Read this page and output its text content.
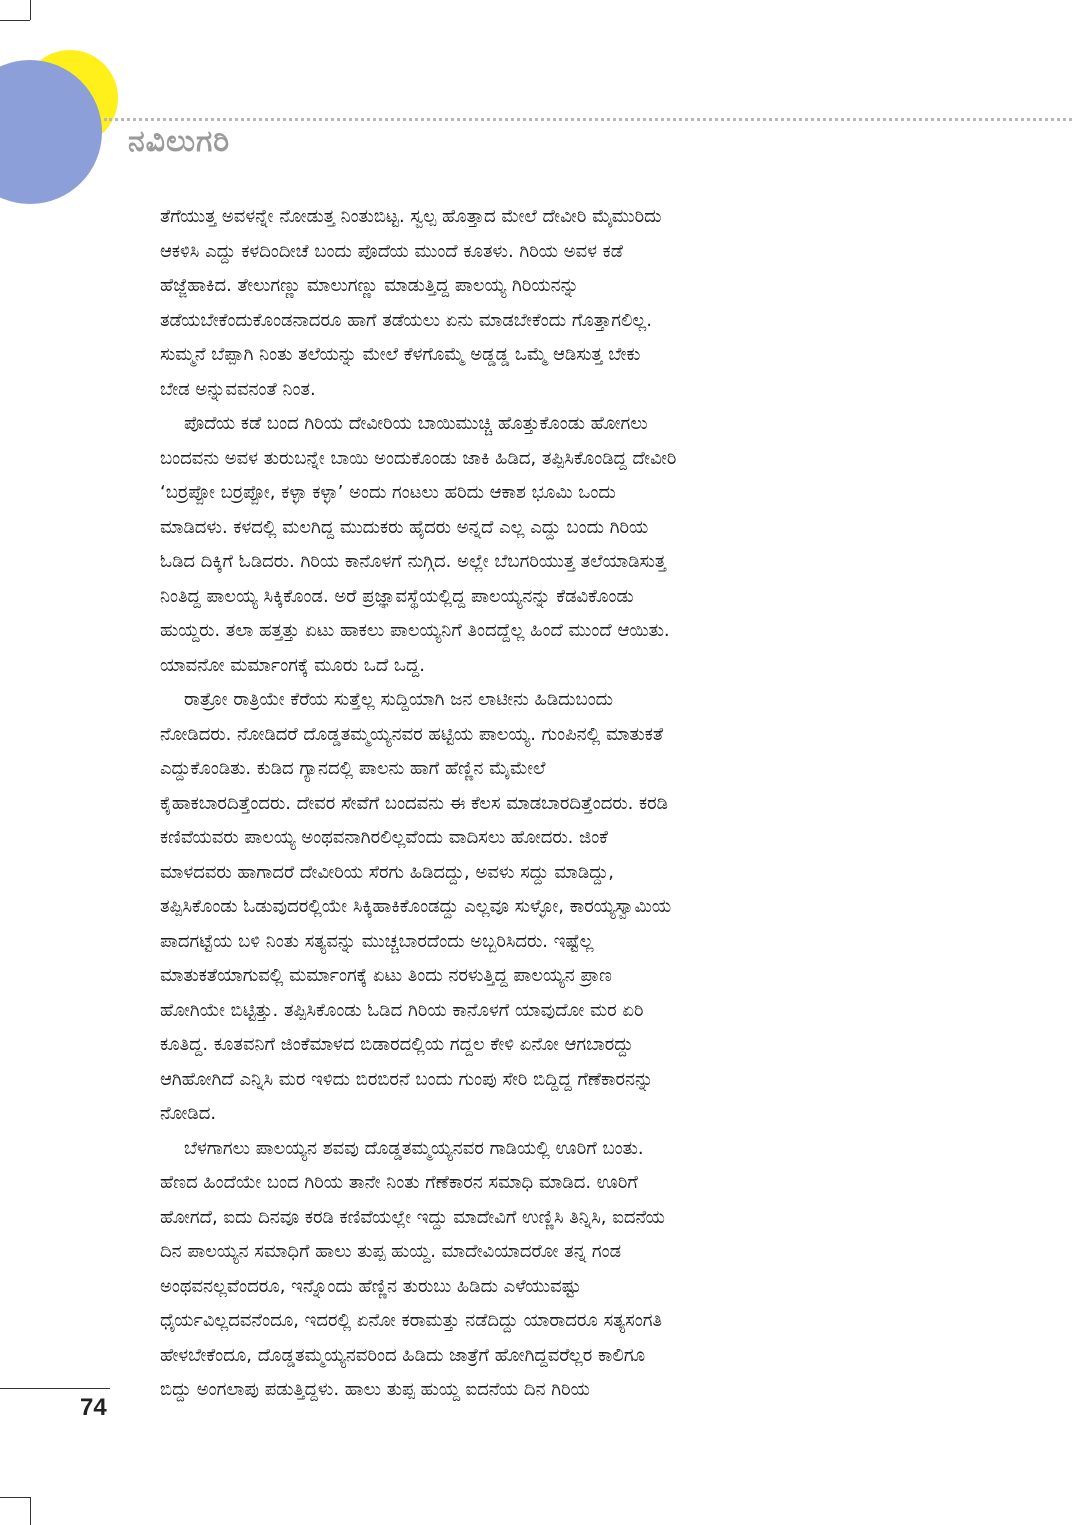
ನವಿಲುಗರಿ
ತೆಗೆಯುತ್ತ ಅವಳನ್ನೇ ನೋಡುತ್ತ ನಿಂತುಬಿಟ್ಟ. ಸ್ವಲ್ಪ ಹೊತ್ತಾದ ಮೇಲೆ ದೇವೀರಿ ಮೈಮುರಿದು
ಆಕಳಿಸಿ ಎದ್ದು ಕಳದಿಂದೀಚೆ ಬಂದು ಪೊದೆಯ ಮುಂದೆ ಕೂತಳು. ಗಿರಿಯ ಅವಳ ಕಡೆ
ಹೆಜ್ಜೆಹಾಕಿದ. ತೇಲುಗಣ್ಣು ಮಾಲುಗಣ್ಣು ಮಾಡುತ್ತಿದ್ದ ಪಾಲಯ್ಯ ಗಿರಿಯನನ್ನು
ತಡೆಯಬೇಕೆಂದುಕೊಂಡನಾದರೂ ಹಾಗೆ ತಡೆಯಲು ಏನು ಮಾಡಬೇಕೆಂದು ಗೊತ್ತಾಗಲಿಲ್ಲ.
ಸುಮ್ಮನೆ ಬೆಪ್ಪಾಗಿ ನಿಂತು ತಲೆಯನ್ನು ಮೇಲೆ ಕೆಳಗೊಮ್ಮೆ ಅಡ್ಡಡ್ಡ ಒಮ್ಮೆ ಆಡಿಸುತ್ತ ಬೇಕು
ಬೇಡ ಅನ್ನುವವನಂತೆ ನಿಂತ.
ಪೊದೆಯ ಕಡೆ ಬಂದ ಗಿರಿಯ ದೇವೀರಿಯ ಬಾಯಿಮುಚ್ಚಿ ಹೊತ್ತುಕೊಂಡು ಹೋಗಲು
ಬಂದವನು ಅವಳ ತುರುಬನ್ನೇ ಬಾಯಿ ಅಂದುಕೊಂಡು ಜಾಕಿ ಹಿಡಿದ, ತಪ್ಪಿಸಿಕೊಂಡಿದ್ದ ದೇವೀರಿ
‘ಬರ‍್ರಪ್ಪೋ ಬರ‍್ರಪ್ಪೋ, ಕಳ್ಳಾ ಕಳ್ಳಾ’ ಅಂದು ಗಂಟಲು ಹರಿದು ಆಕಾಶ ಭೂಮಿ ಒಂದು
ಮಾಡಿದಳು. ಕಳದಲ್ಲಿ ಮಲಗಿದ್ದ ಮುದುಕರು ಹೈದರು ಅನ್ನದೆ ಎಲ್ಲ ಎದ್ದು ಬಂದು ಗಿರಿಯ
ಓಡಿದ ದಿಕ್ಕಿಗೆ ಓಡಿದರು. ಗಿರಿಯ ಕಾನೊಳಗೆ ನುಗ್ಗಿದ. ಅಲ್ಲೇ ಬೆಬಗರಿಯುತ್ತ ತಲೆಯಾಡಿಸುತ್ತ
ನಿಂತಿದ್ದ ಪಾಲಯ್ಯ ಸಿಕ್ಕಿಕೊಂಡ. ಅರೆ ಪ್ರಜ್ಞಾವಸ್ಥೆಯಲ್ಲಿದ್ದ ಪಾಲಯ್ಯನನ್ನು ಕೆಡವಿಕೊಂಡು
ಹುಯ್ದರು. ತಲಾ ಹತ್ತತ್ತು ಏಟು ಹಾಕಲು ಪಾಲಯ್ಯನಿಗೆ ತಿಂದದ್ದೆಲ್ಲ ಹಿಂದೆ ಮುಂದೆ ಆಯಿತು.
ಯಾವನೋ ಮರ್ಮಾಂಗಕ್ಕೆ ಮೂರು ಒದೆ ಒದ್ದ.
ರಾತ್ರೋ ರಾತ್ರಿಯೇ ಕೆರೆಯ ಸುತ್ತೆಲ್ಲ ಸುದ್ದಿಯಾಗಿ ಜನ ಲಾಟೀನು ಹಿಡಿದುಬಂದು
ನೋಡಿದರು. ನೋಡಿದರೆ ದೊಡ್ಡತಮ್ಮಯ್ಯನವರ ಹಟ್ಟಿಯ ಪಾಲಯ್ಯ. ಗುಂಪಿನಲ್ಲಿ ಮಾತುಕತೆ
ಎದ್ದುಕೊಂಡಿತು. ಕುಡಿದ ಗ್ಯಾನದಲ್ಲಿ ಪಾಲನು ಹಾಗೆ ಹೆಣ್ಣಿನ ಮೈಮೇಲೆ
ಕೈಹಾಕಬಾರದಿತ್ತೆಂದರು. ದೇವರ ಸೇವೆಗೆ ಬಂದವನು ಈ ಕೆಲಸ ಮಾಡಬಾರದಿತ್ತೆಂದರು. ಕರಡಿ
ಕಣಿವೆಯವರು ಪಾಲಯ್ಯ ಅಂಥವನಾಗಿರಲಿಲ್ಲವೆಂದು ವಾದಿಸಲು ಹೋದರು. ಜಿಂಕೆ
ಮಾಳದವರು ಹಾಗಾದರೆ ದೇವೀರಿಯ ಸೆರಗು ಹಿಡಿದದ್ದು, ಅವಳು ಸದ್ದು ಮಾಡಿದ್ದು,
ತಪ್ಪಿಸಿಕೊಂಡು ಓಡುವುದರಲ್ಲಿಯೇ ಸಿಕ್ಕಿಹಾಕಿಕೊಂಡದ್ದು ಎಲ್ಲವೂ ಸುಳ್ಳೋ, ಕಾರಯ್ಯಸ್ವಾಮಿಯ
ಪಾದಗಟ್ಟೆಯ ಬಳಿ ನಿಂತು ಸತ್ಯವನ್ನು ಮುಚ್ಚಬಾರದೆಂದು ಅಬ್ಬರಿಸಿದರು. ಇಷ್ಟೆಲ್ಲ
ಮಾತುಕತೆಯಾಗುವಲ್ಲಿ ಮರ್ಮಾಂಗಕ್ಕೆ ಏಟು ತಿಂದು ನರಳುತ್ತಿದ್ದ ಪಾಲಯ್ಯನ ಪ್ರಾಣ
ಹೋಗಿಯೇ ಬಿಟ್ಟಿತ್ತು. ತಪ್ಪಿಸಿಕೊಂಡು ಓಡಿದ ಗಿರಿಯ ಕಾನೊಳಗೆ ಯಾವುದೋ ಮರ ಏರಿ
ಕೂತಿದ್ದ. ಕೂತವನಿಗೆ ಜಿಂಕೆಮಾಳದ ಬಿಡಾರದಲ್ಲಿಯ ಗದ್ದಲ ಕೇಳಿ ಏನೋ ಆಗಬಾರದ್ದು
ಆಗಿಹೋಗಿದೆ ಎನ್ನಿಸಿ ಮರ ಇಳಿದು ಬಿರಬಿರನೆ ಬಂದು ಗುಂಪು ಸೇರಿ ಬಿದ್ದಿದ್ದ ಗೆಣೆಕಾರನನ್ನು
ನೋಡಿದ.
ಬೆಳಗಾಗಲು ಪಾಲಯ್ಯನ ಶವವು ದೊಡ್ಡತಮ್ಮಯ್ಯನವರ ಗಾಡಿಯಲ್ಲಿ ಊರಿಗೆ ಬಂತು.
ಹೆಣದ ಹಿಂದೆಯೇ ಬಂದ ಗಿರಿಯ ತಾನೇ ನಿಂತು ಗೆಣೆಕಾರನ ಸಮಾಧಿ ಮಾಡಿದ. ಊರಿಗೆ
ಹೋಗದೆ, ಐದು ದಿನವೂ ಕರಡಿ ಕಣಿವೆಯಲ್ಲೇ ಇದ್ದು ಮಾದೇವಿಗೆ ಉಣ್ಣಿಸಿ ತಿನ್ನಿಸಿ, ಐದನೆಯ
ದಿನ ಪಾಲಯ್ಯನ ಸಮಾಧಿಗೆ ಹಾಲು ತುಪ್ಪ ಹುಯ್ದ. ಮಾದೇವಿಯಾದರೋ ತನ್ನ ಗಂಡ
ಅಂಥವನಲ್ಲವೆಂದರೂ, ಇನ್ನೊಂದು ಹೆಣ್ಣಿನ ತುರುಬು ಹಿಡಿದು ಎಳೆಯುವಷ್ಟು
ಧೈರ್ಯವಿಲ್ಲದವನೆಂದೂ, ಇದರಲ್ಲಿ ಏನೋ ಕರಾಮತ್ತು ನಡೆದಿದ್ದು ಯಾರಾದರೂ ಸತ್ಯಸಂಗತಿ
ಹೇಳಬೇಕೆಂದೂ, ದೊಡ್ಡತಮ್ಮಯ್ಯನವರಿಂದ ಹಿಡಿದು ಜಾತ್ರೆಗೆ ಹೋಗಿದ್ದವರೆಲ್ಲರ ಕಾಲಿಗೂ
ಬಿದ್ದು ಅಂಗಲಾಪು ಪಡುತ್ತಿದ್ದಳು. ಹಾಲು ತುಪ್ಪ ಹುಯ್ದ ಐದನೆಯ ದಿನ ಗಿರಿಯ
74
